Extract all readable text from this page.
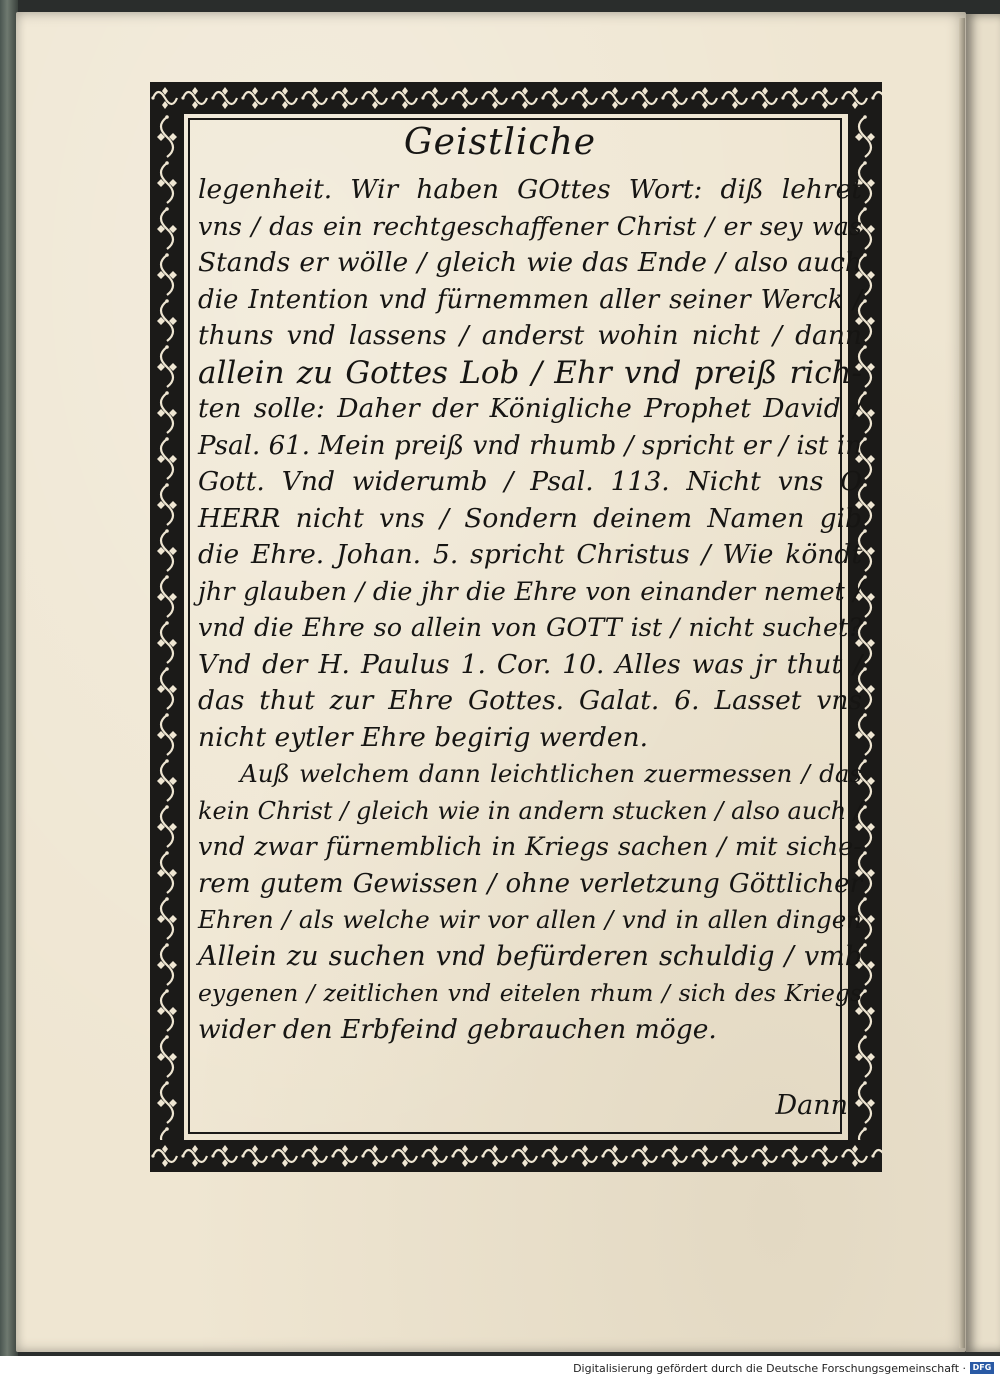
Geistliche
legenheit. Wir haben GOttes Wort: diß lehret
vns / das ein rechtgeschaffener Christ / er sey was
Stands er wölle / gleich wie das Ende / also auch
die Intention vnd fürnemmen aller seiner Werck /
thuns vnd lassens / anderst wohin nicht / dann
allein zu Gottes Lob / Ehr vnd preiß rich-
ten solle: Daher der Königliche Prophet David /
Psal. 61. Mein preiß vnd rhumb / spricht er / ist in
Gott. Vnd widerumb / Psal. 113. Nicht vns O
HERR nicht vns / Sondern deinem Namen gib
die Ehre. Johan. 5. spricht Christus / Wie köndt
jhr glauben / die jhr die Ehre von einander nemet /
vnd die Ehre so allein von GOTT ist / nicht suchet?
Vnd der H. Paulus 1. Cor. 10. Alles was jr thut /
das thut zur Ehre Gottes. Galat. 6. Lasset vns
nicht eytler Ehre begirig werden.
Auß welchem dann leichtlichen zuermessen / das
kein Christ / gleich wie in andern stucken / also auch /
vnd zwar fürnemblich in Kriegs sachen / mit siche-
rem gutem Gewissen / ohne verletzung Göttlicher
Ehren / als welche wir vor allen / vnd in allen dingen
Allein zu suchen vnd befürderen schuldig / vmb
eygenen / zeitlichen vnd eitelen rhum / sich des Kriegs
wider den Erbfeind gebrauchen möge.
Dann
Digitalisierung gefördert durch die Deutsche Forschungsgemeinschaft · DFG
